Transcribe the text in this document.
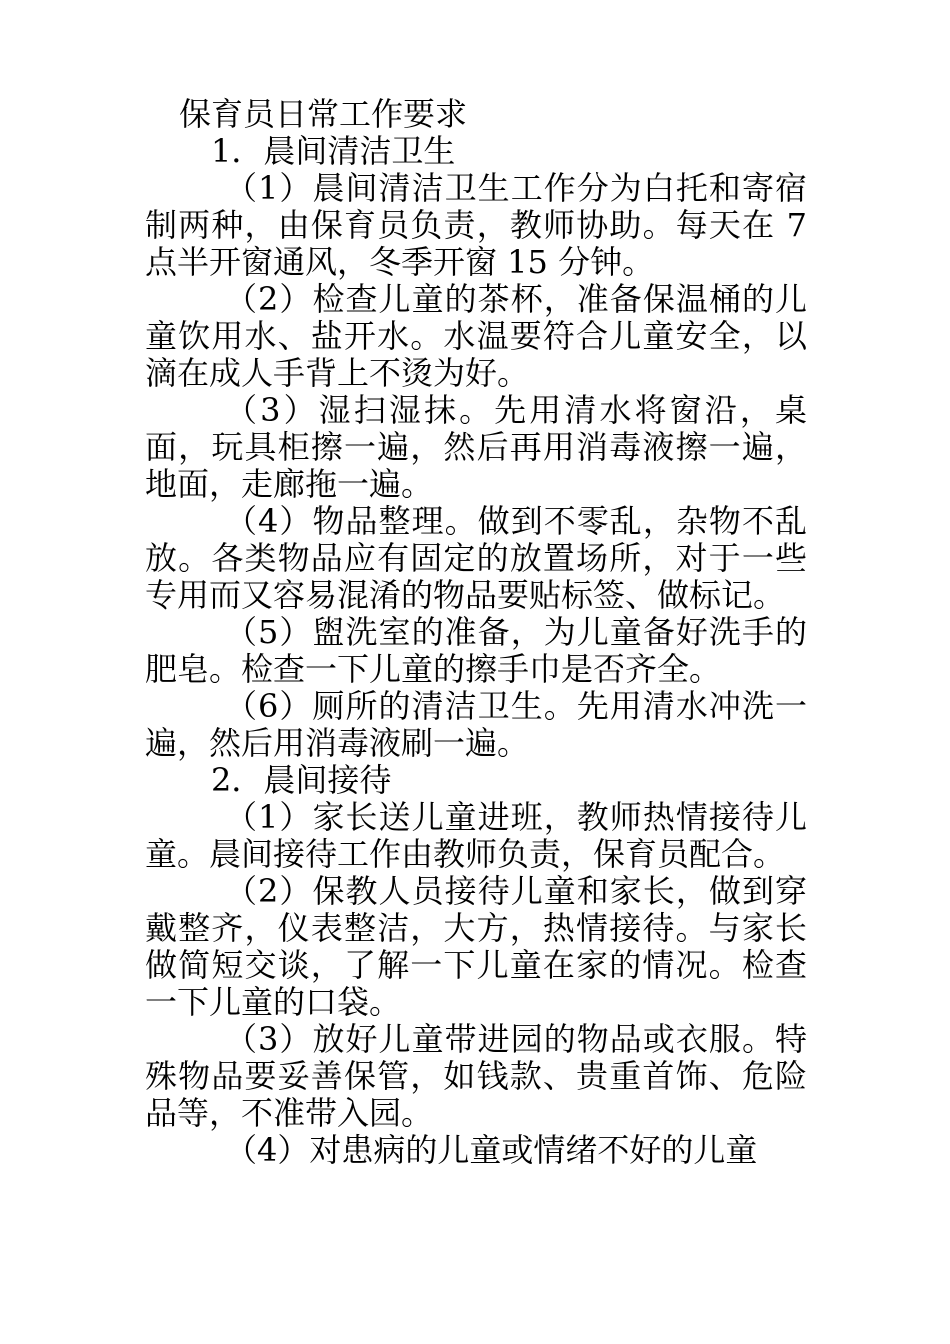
保育员日常工作要求
1．晨间清洁卫生

（1）晨间清洁卫生工作分为白托和寄宿制两种，由保育员负责，教师协助。每天在 7 点半开窗通风，冬季开窗 15 分钟。

（2）检查儿童的茶杯，准备保温桶的儿童饮用水、盐开水。水温要符合儿童安全，以滴在成人手背上不烫为好。

（3）湿扫湿抹。先用清水将窗沿，桌面，玩具柜擦一遍，然后再用消毒液擦一遍，地面，走廊拖一遍。

（4）物品整理。做到不零乱，杂物不乱放。各类物品应有固定的放置场所，对于一些专用而又容易混淆的物品要贴标签、做标记。

（5）盥洗室的准备，为儿童备好洗手的肥皂。检查一下儿童的擦手巾是否齐全。

（6）厕所的清洁卫生。先用清水冲洗一遍，然后用消毒液刷一遍。

2．晨间接待

（1）家长送儿童进班，教师热情接待儿童。晨间接待工作由教师负责，保育员配合。

（2）保教人员接待儿童和家长，做到穿戴整齐，仪表整洁，大方，热情接待。与家长做简短交谈，了解一下儿童在家的情况。检查一下儿童的口袋。

（3）放好儿童带进园的物品或衣服。特殊物品要妥善保管，如钱款、贵重首饰、危险品等，不准带入园。

（4）对患病的儿童或情绪不好的儿童
